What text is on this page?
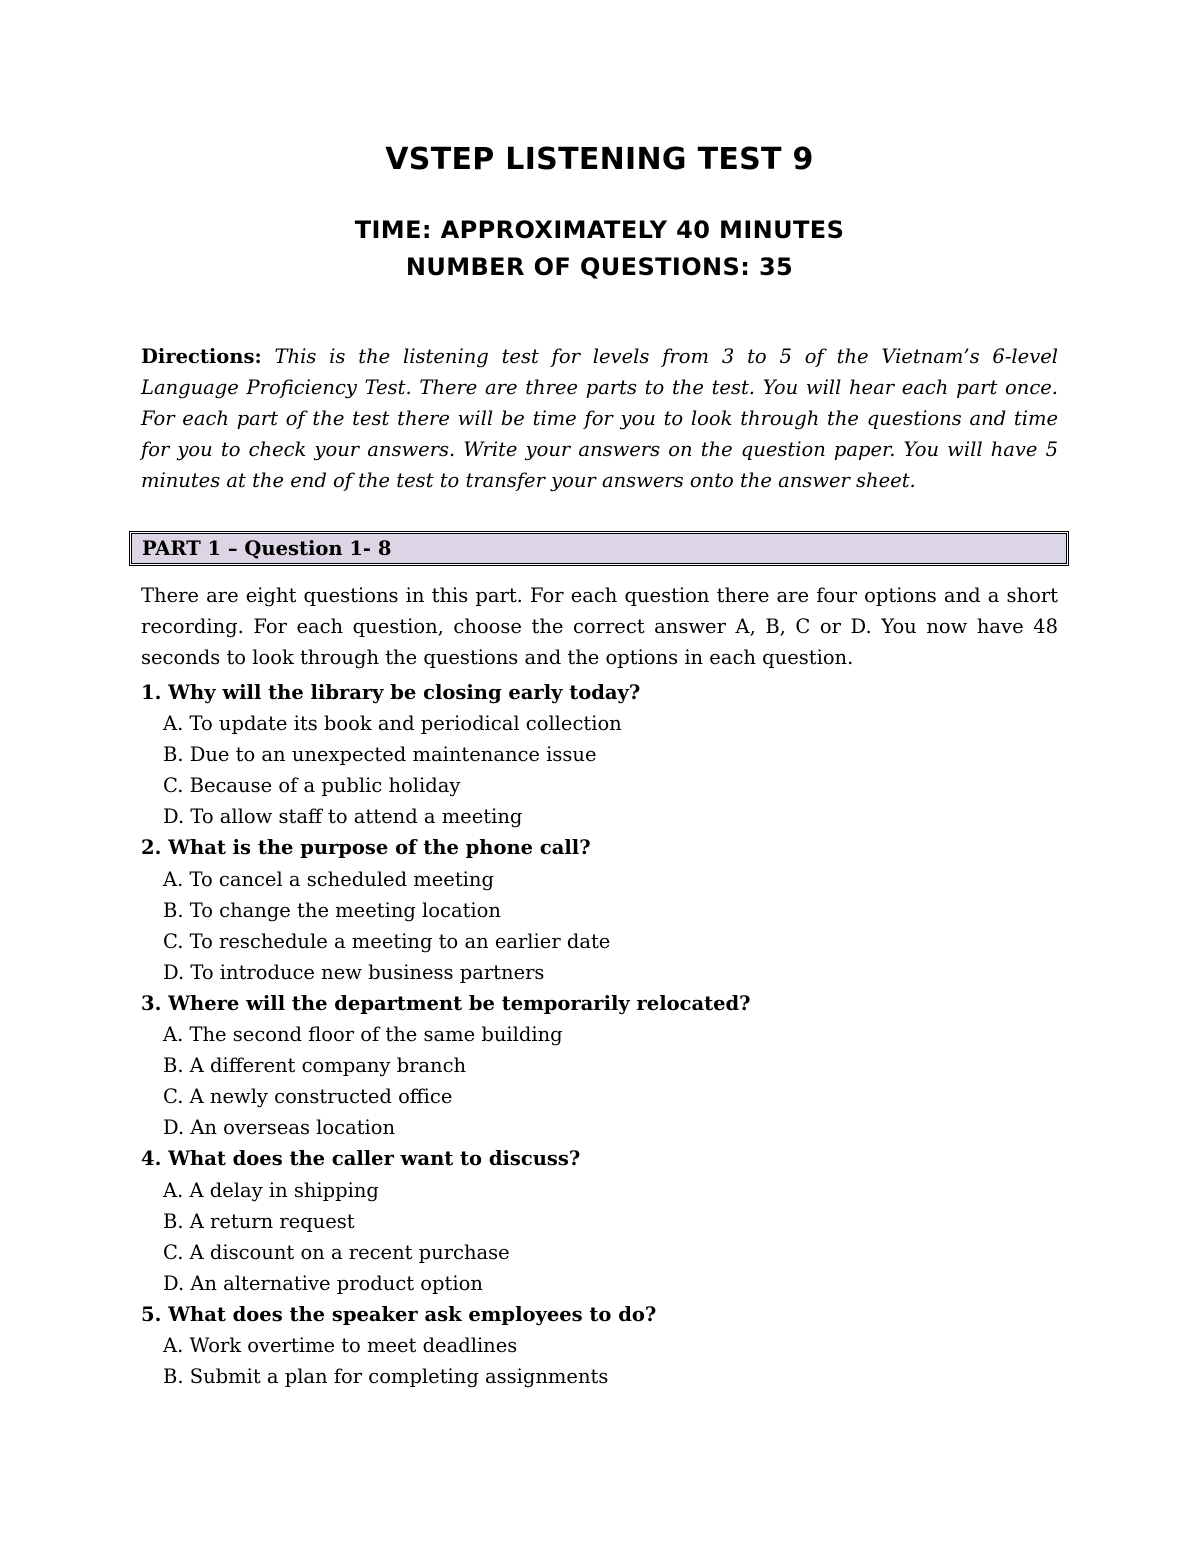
VSTEP LISTENING TEST 9
TIME: APPROXIMATELY 40 MINUTES
NUMBER OF QUESTIONS: 35
Directions: This is the listening test for levels from 3 to 5 of the Vietnam’s 6-level Language Proficiency Test. There are three parts to the test. You will hear each part once. For each part of the test there will be time for you to look through the questions and time for you to check your answers. Write your answers on the question paper. You will have 5 minutes at the end of the test to transfer your answers onto the answer sheet.
PART 1 – Question 1- 8
There are eight questions in this part. For each question there are four options and a short recording. For each question, choose the correct answer A, B, C or D. You now have 48 seconds to look through the questions and the options in each question.
1. Why will the library be closing early today?
A. To update its book and periodical collection
B. Due to an unexpected maintenance issue
C. Because of a public holiday
D. To allow staff to attend a meeting
2. What is the purpose of the phone call?
A. To cancel a scheduled meeting
B. To change the meeting location
C. To reschedule a meeting to an earlier date
D. To introduce new business partners
3. Where will the department be temporarily relocated?
A. The second floor of the same building
B. A different company branch
C. A newly constructed office
D. An overseas location
4. What does the caller want to discuss?
A. A delay in shipping
B. A return request
C. A discount on a recent purchase
D. An alternative product option
5. What does the speaker ask employees to do?
A. Work overtime to meet deadlines
B. Submit a plan for completing assignments
